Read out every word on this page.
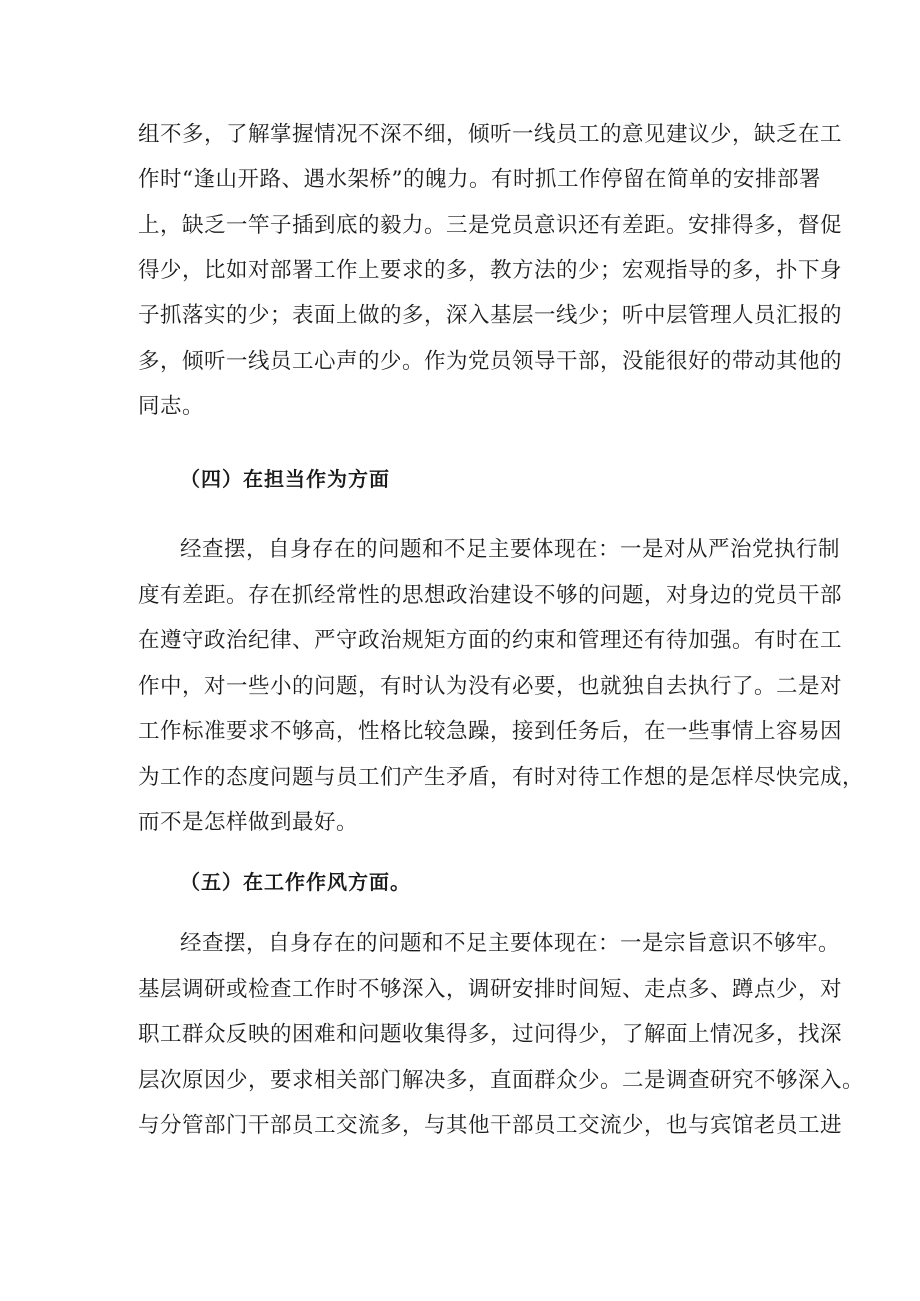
组不多，了解掌握情况不深不细，倾听一线员工的意见建议少，缺乏在工
作时“逢山开路、遇水架桥”的魄力。有时抓工作停留在简单的安排部署
上，缺乏一竿子插到底的毅力。三是党员意识还有差距。安排得多，督促
得少，比如对部署工作上要求的多，教方法的少；宏观指导的多，扑下身
子抓落实的少；表面上做的多，深入基层一线少；听中层管理人员汇报的
多，倾听一线员工心声的少。作为党员领导干部，没能很好的带动其他的
同志。
（四）在担当作为方面
经查摆，自身存在的问题和不足主要体现在：一是对从严治党执行制
度有差距。存在抓经常性的思想政治建设不够的问题，对身边的党员干部
在遵守政治纪律、严守政治规矩方面的约束和管理还有待加强。有时在工
作中，对一些小的问题，有时认为没有必要，也就独自去执行了。二是对
工作标准要求不够高，性格比较急躁，接到任务后，在一些事情上容易因
为工作的态度问题与员工们产生矛盾，有时对待工作想的是怎样尽快完成，
而不是怎样做到最好。
（五）在工作作风方面。
经查摆，自身存在的问题和不足主要体现在：一是宗旨意识不够牢。
基层调研或检查工作时不够深入，调研安排时间短、走点多、蹲点少，对
职工群众反映的困难和问题收集得多，过问得少，了解面上情况多，找深
层次原因少，要求相关部门解决多，直面群众少。二是调查研究不够深入。
与分管部门干部员工交流多，与其他干部员工交流少，也与宾馆老员工进
